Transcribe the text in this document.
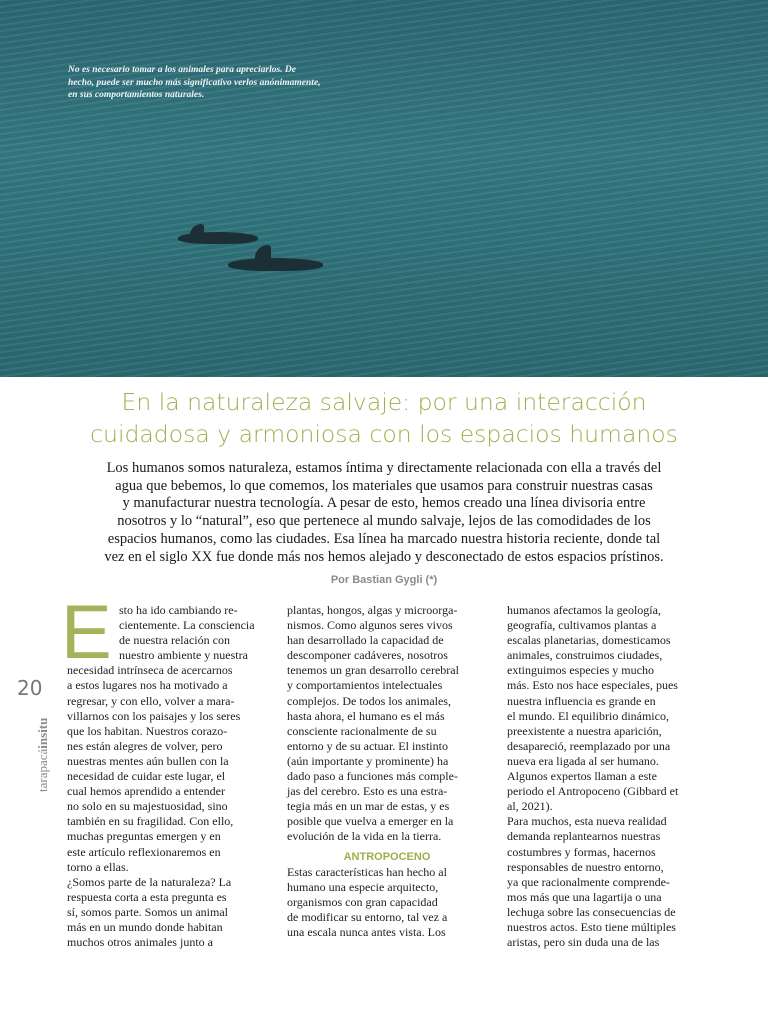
No es necesario tomar a los animales para apreciarlos. De
hecho, puede ser mucho más significativo verlos anónimamente,
en sus comportamientos naturales.
En la naturaleza salvaje: por una interacción
cuidadosa y armoniosa con los espacios humanos
Los humanos somos naturaleza, estamos íntima y directamente relacionada con ella a través del
agua que bebemos, lo que comemos, los materiales que usamos para construir nuestras casas
y manufacturar nuestra tecnología. A pesar de esto, hemos creado una línea divisoria entre
nosotros y lo “natural”, eso que pertenece al mundo salvaje, lejos de las comodidades de los
espacios humanos, como las ciudades. Esa línea ha marcado nuestra historia reciente, donde tal
vez en el siglo XX fue donde más nos hemos alejado y desconectado de estos espacios prístinos.
Por Bastian Gygli (*)
E
20
tarapacáinsitu
sto ha ido cambiando re-
cientemente. La consciencia
de nuestra relación con
nuestro ambiente y nuestra
necesidad intrínseca de acercarnos
a estos lugares nos ha motivado a
regresar, y con ello, volver a mara-
villarnos con los paisajes y los seres
que los habitan. Nuestros corazo-
nes están alegres de volver, pero
nuestras mentes aún bullen con la
necesidad de cuidar este lugar, el
cual hemos aprendido a entender
no solo en su majestuosidad, sino
también en su fragilidad. Con ello,
muchas preguntas emergen y en
este artículo reflexionaremos en
torno a ellas.
¿Somos parte de la naturaleza? La
respuesta corta a esta pregunta es
sí, somos parte. Somos un animal
más en un mundo donde habitan
muchos otros animales junto a
plantas, hongos, algas y microorga-
nismos. Como algunos seres vivos
han desarrollado la capacidad de
descomponer cadáveres, nosotros
tenemos un gran desarrollo cerebral
y comportamientos intelectuales
complejos. De todos los animales,
hasta ahora, el humano es el más
consciente racionalmente de su
entorno y de su actuar. El instinto
(aún importante y prominente) ha
dado paso a funciones más comple-
jas del cerebro. Esto es una estra-
tegia más en un mar de estas, y es
posible que vuelva a emerger en la
evolución de la vida en la tierra.
ANTROPOCENO
Estas características han hecho al
humano una especie arquitecto,
organismos con gran capacidad
de modificar su entorno, tal vez a
una escala nunca antes vista. Los
humanos afectamos la geología,
geografía, cultivamos plantas a
escalas planetarias, domesticamos
animales, construimos ciudades,
extinguimos especies y mucho
más. Esto nos hace especiales, pues
nuestra influencia es grande en
el mundo. El equilibrio dinámico,
preexistente a nuestra aparición,
desapareció, reemplazado por una
nueva era ligada al ser humano.
Algunos expertos llaman a este
periodo el Antropoceno (Gibbard et
al, 2021).
Para muchos, esta nueva realidad
demanda replantearnos nuestras
costumbres y formas, hacernos
responsables de nuestro entorno,
ya que racionalmente comprende-
mos más que una lagartija o una
lechuga sobre las consecuencias de
nuestros actos. Esto tiene múltiples
aristas, pero sin duda una de las
